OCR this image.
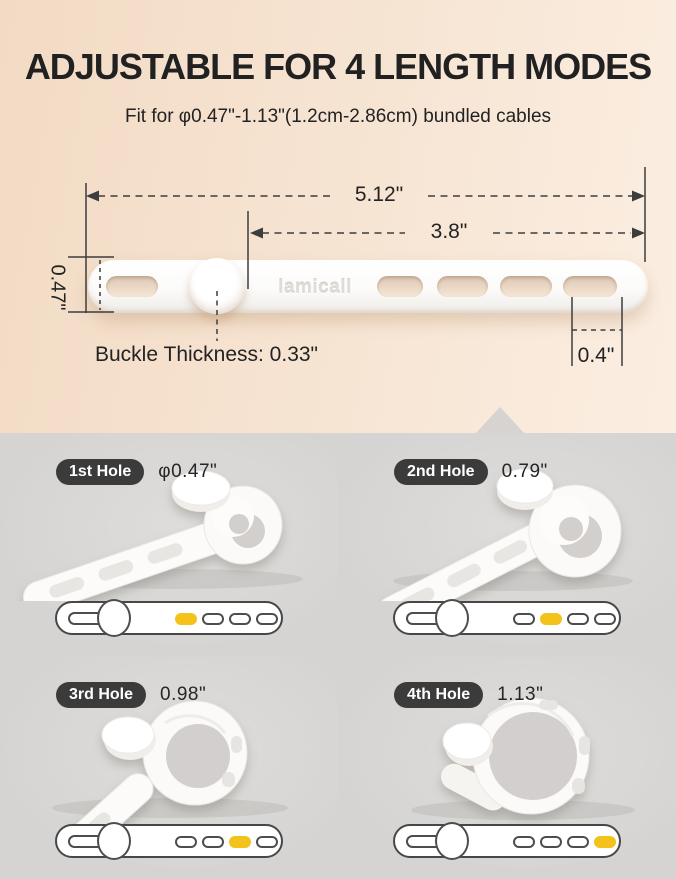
ADJUSTABLE FOR 4 LENGTH MODES
Fit for φ0.47"-1.13"(1.2cm-2.86cm) bundled cables
lamicall
5.12"
3.8"
0.47"
0.4"
Buckle Thickness: 0.33"
1st Hole	φ0.47"	2nd Hole	0.79"
3rd Hole	0.98"	4th Hole	1.13"
